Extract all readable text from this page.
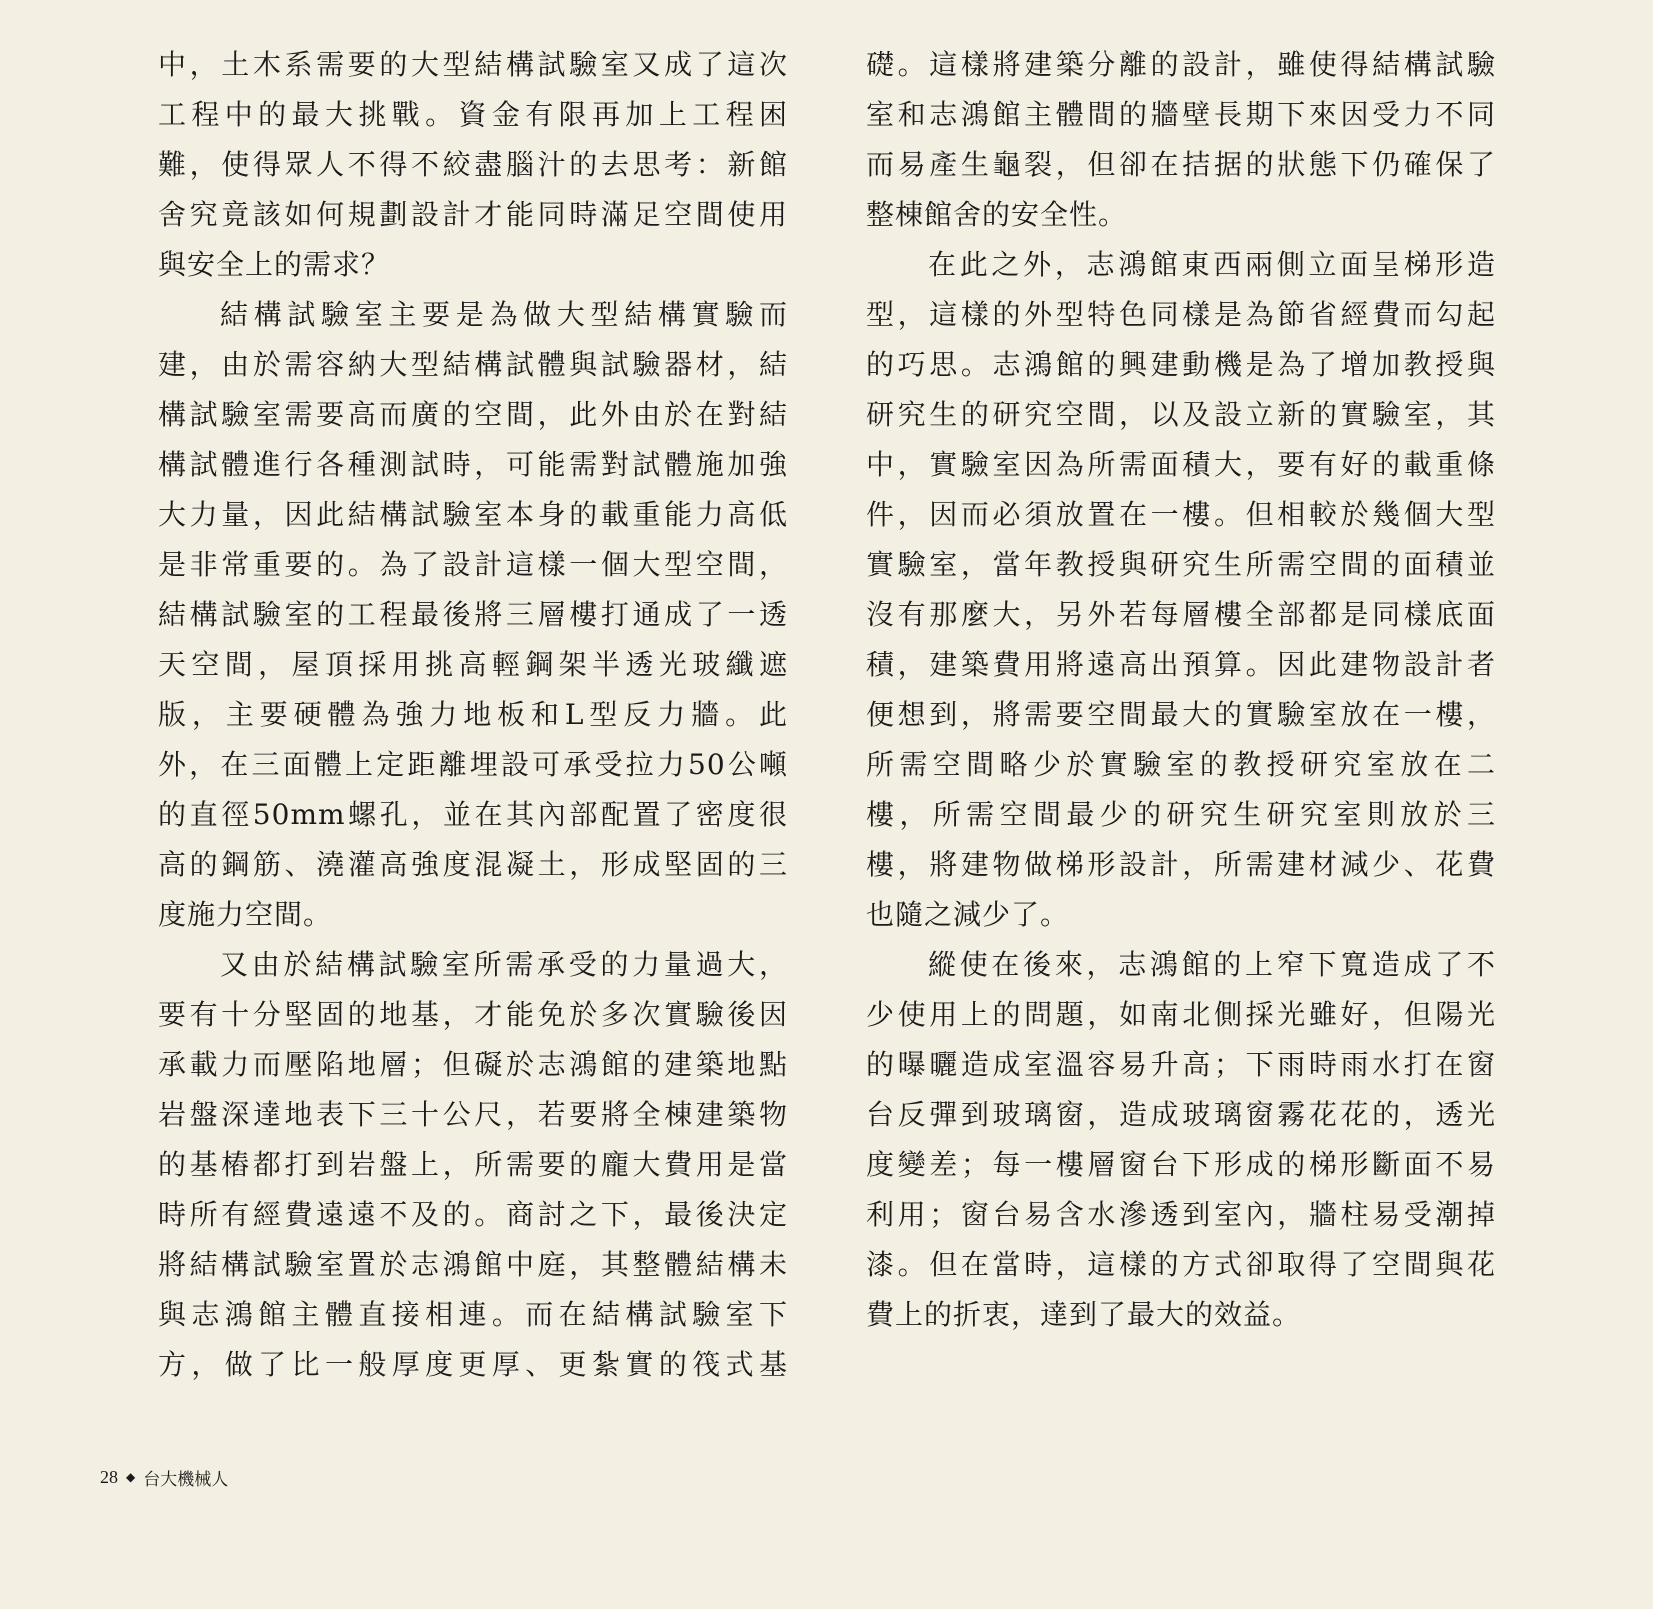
中，土木系需要的大型結構試驗室又成了這次
工程中的最大挑戰。資金有限再加上工程困
難，使得眾人不得不絞盡腦汁的去思考：新館
舍究竟該如何規劃設計才能同時滿足空間使用
與安全上的需求？
結構試驗室主要是為做大型結構實驗而
建，由於需容納大型結構試體與試驗器材，結
構試驗室需要高而廣的空間，此外由於在對結
構試體進行各種測試時，可能需對試體施加強
大力量，因此結構試驗室本身的載重能力高低
是非常重要的。為了設計這樣一個大型空間，
結構試驗室的工程最後將三層樓打通成了一透
天空間，屋頂採用挑高輕鋼架半透光玻纖遮
版，主要硬體為強力地板和L型反力牆。此
外，在三面體上定距離埋設可承受拉力50公噸
的直徑50mm螺孔，並在其內部配置了密度很
高的鋼筋、澆灌高強度混凝土，形成堅固的三
度施力空間。
又由於結構試驗室所需承受的力量過大，
要有十分堅固的地基，才能免於多次實驗後因
承載力而壓陷地層；但礙於志鴻館的建築地點
岩盤深達地表下三十公尺，若要將全棟建築物
的基樁都打到岩盤上，所需要的龐大費用是當
時所有經費遠遠不及的。商討之下，最後決定
將結構試驗室置於志鴻館中庭，其整體結構未
與志鴻館主體直接相連。而在結構試驗室下
方，做了比一般厚度更厚、更紮實的筏式基
礎。這樣將建築分離的設計，雖使得結構試驗
室和志鴻館主體間的牆壁長期下來因受力不同
而易產生龜裂，但卻在拮据的狀態下仍確保了
整棟館舍的安全性。
在此之外，志鴻館東西兩側立面呈梯形造
型，這樣的外型特色同樣是為節省經費而勾起
的巧思。志鴻館的興建動機是為了增加教授與
研究生的研究空間，以及設立新的實驗室，其
中，實驗室因為所需面積大，要有好的載重條
件，因而必須放置在一樓。但相較於幾個大型
實驗室，當年教授與研究生所需空間的面積並
沒有那麼大，另外若每層樓全部都是同樣底面
積，建築費用將遠高出預算。因此建物設計者
便想到，將需要空間最大的實驗室放在一樓，
所需空間略少於實驗室的教授研究室放在二
樓，所需空間最少的研究生研究室則放於三
樓，將建物做梯形設計，所需建材減少、花費
也隨之減少了。
縱使在後來，志鴻館的上窄下寬造成了不
少使用上的問題，如南北側採光雖好，但陽光
的曝曬造成室溫容易升高；下雨時雨水打在窗
台反彈到玻璃窗，造成玻璃窗霧花花的，透光
度變差；每一樓層窗台下形成的梯形斷面不易
利用；窗台易含水滲透到室內，牆柱易受潮掉
漆。但在當時，這樣的方式卻取得了空間與花
費上的折衷，達到了最大的效益。
28 ◆ 台大機械人
